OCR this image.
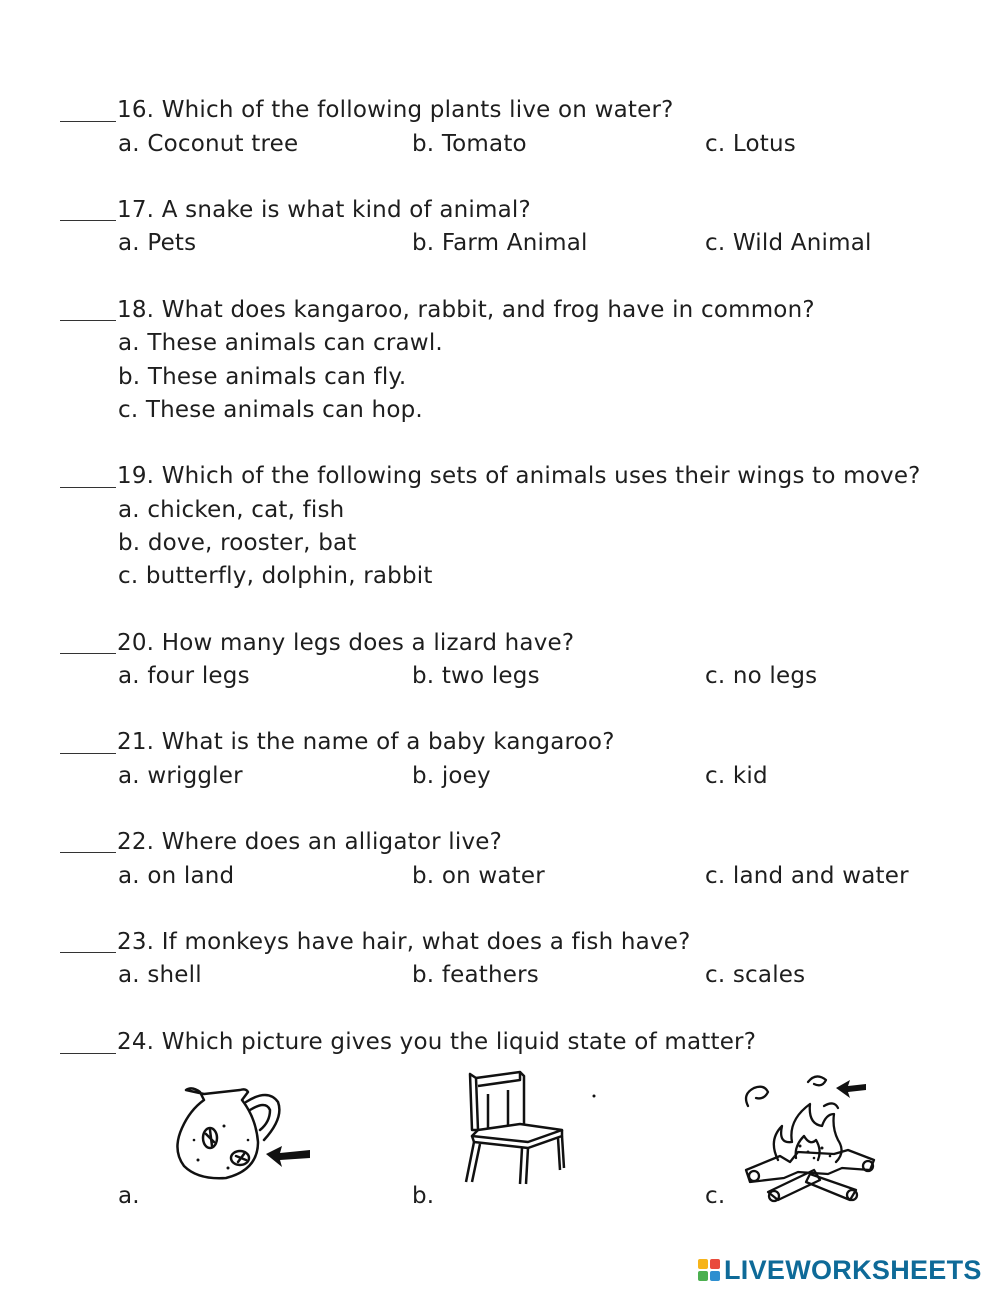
16. Which of the following plants live on water?
a. Coconut tree	b. Tomato	c. Lotus
17. A snake is what kind of animal?
a. Pets	b. Farm Animal	c. Wild Animal
18. What does kangaroo, rabbit, and frog have in common?
a. These animals can crawl.
b. These animals can fly.
c. These animals can hop.
19. Which of the following sets of animals uses their wings to move?
a. chicken, cat, fish
b. dove, rooster, bat
c. butterfly, dolphin, rabbit
20. How many legs does a lizard have?
a. four legs	b. two legs	c. no legs
21. What is the name of a baby kangaroo?
a. wriggler	b. joey	c. kid
22. Where does an alligator live?
a. on land	b. on water	c. land and water
23. If monkeys have hair, what does a fish have?
a. shell	b. feathers	c. scales
24. Which picture gives you the liquid state of matter?
a.	b.	c.
LIVEWORKSHEETS
